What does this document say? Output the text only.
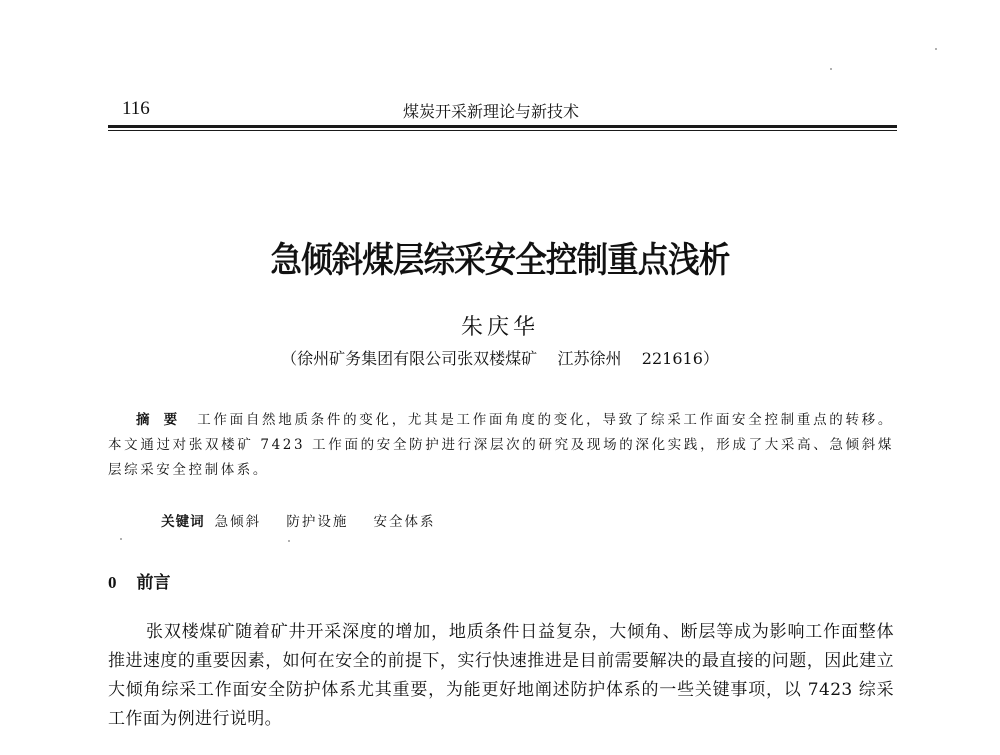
116	煤炭开采新理论与新技术
急倾斜煤层综采安全控制重点浅析
朱庆华
（徐州矿务集团有限公司张双楼煤矿    江苏徐州    221616）
摘要 工作面自然地质条件的变化，尤其是工作面角度的变化，导致了综采工作面安全控制重点的转移。本文通过对张双楼矿 7423 工作面的安全防护进行深层次的研究及现场的深化实践，形成了大采高、急倾斜煤层综采安全控制体系。

关键词 急倾斜    防护设施    安全体系

0 前言
张双楼煤矿随着矿井开采深度的增加，地质条件日益复杂，大倾角、断层等成为影响工作面整体推进速度的重要因素，如何在安全的前提下，实行快速推进是目前需要解决的最直接的问题，因此建立大倾角综采工作面安全防护体系尤其重要，为能更好地阐述防护体系的一些关键事项，以 7423 综采工作面为例进行说明。
